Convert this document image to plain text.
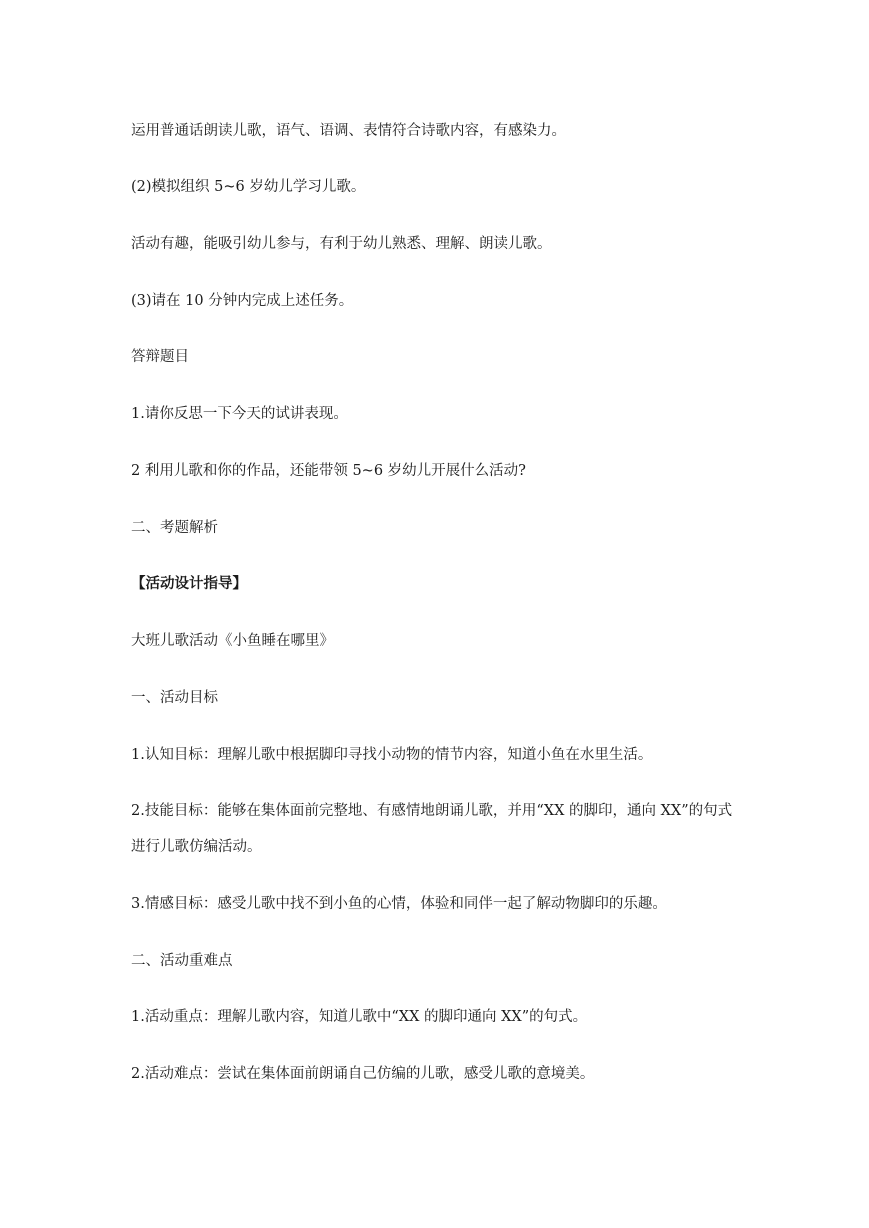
运用普通话朗读儿歌，语气、语调、表情符合诗歌内容，有感染力。

(2)模拟组织 5~6 岁幼儿学习儿歌。

活动有趣，能吸引幼儿参与，有利于幼儿熟悉、理解、朗读儿歌。

(3)请在 10 分钟内完成上述任务。

答辩题目

1.请你反思一下今天的试讲表现。

2 利用儿歌和你的作品，还能带领 5~6 岁幼儿开展什么活动?

二、考题解析

【活动设计指导】

大班儿歌活动《小鱼睡在哪里》

一、活动目标

1.认知目标：理解儿歌中根据脚印寻找小动物的情节内容，知道小鱼在水里生活。

2.技能目标：能够在集体面前完整地、有感情地朗诵儿歌，并用“XX 的脚印，通向 XX”的句式进行儿歌仿编活动。

3.情感目标：感受儿歌中找不到小鱼的心情，体验和同伴一起了解动物脚印的乐趣。

二、活动重难点

1.活动重点：理解儿歌内容，知道儿歌中“XX 的脚印通向 XX”的句式。

2.活动难点：尝试在集体面前朗诵自己仿编的儿歌，感受儿歌的意境美。
